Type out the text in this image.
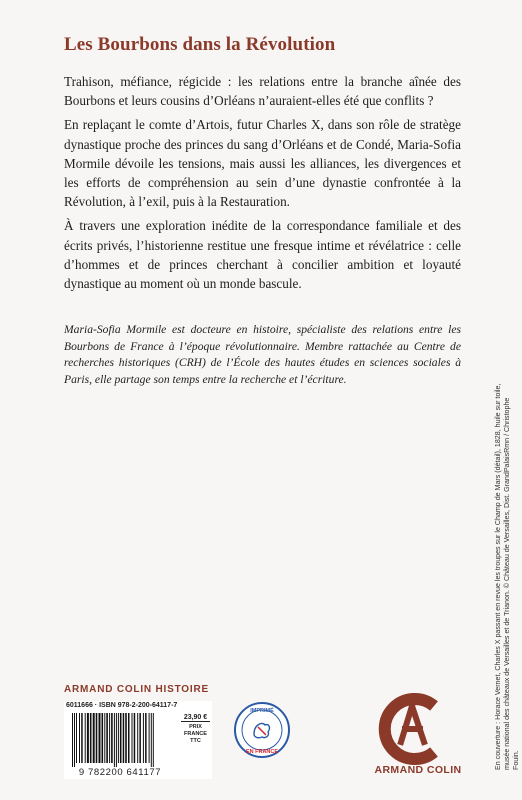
Les Bourbons dans la Révolution

Trahison, méfiance, régicide : les relations entre la branche aînée des Bourbons et leurs cousins d’Orléans n’auraient-elles été que conflits ?

En replaçant le comte d’Artois, futur Charles X, dans son rôle de stratège dynastique proche des princes du sang d’Orléans et de Condé, Maria-Sofia Mormile dévoile les tensions, mais aussi les alliances, les divergences et les efforts de compréhension au sein d’une dynastie confrontée à la Révolution, à l’exil, puis à la Restauration.

À travers une exploration inédite de la correspondance familiale et des écrits privés, l’historienne restitue une fresque intime et révélatrice : celle d’hommes et de princes cherchant à concilier ambition et loyauté dynastique au moment où un monde bascule.

Maria-Sofia Mormile est docteure en histoire, spécialiste des relations entre les Bourbons de France à l’époque révolutionnaire. Membre rattachée au Centre de recherches historiques (CRH) de l’École des hautes études en sciences sociales à Paris, elle partage son temps entre la recherche et l’écriture.
En couverture : Horace Vernet, Charles X passant en revue les troupes sur le Champ de Mars (détail), 1828, huile sur toile, musée national des châteaux de Versailles et de Trianon. © Château de Versailles, Dist. GrandPalaisRmn / Christophe Fouin.
ARMAND COLIN HISTOIRE
6011666 · ISBN 978-2-200-64117-7
9 782200 641177
23,90 €
PRIX
FRANCE
TTC
IMPRIMÉ
EN FRANCE
ARMAND COLIN
